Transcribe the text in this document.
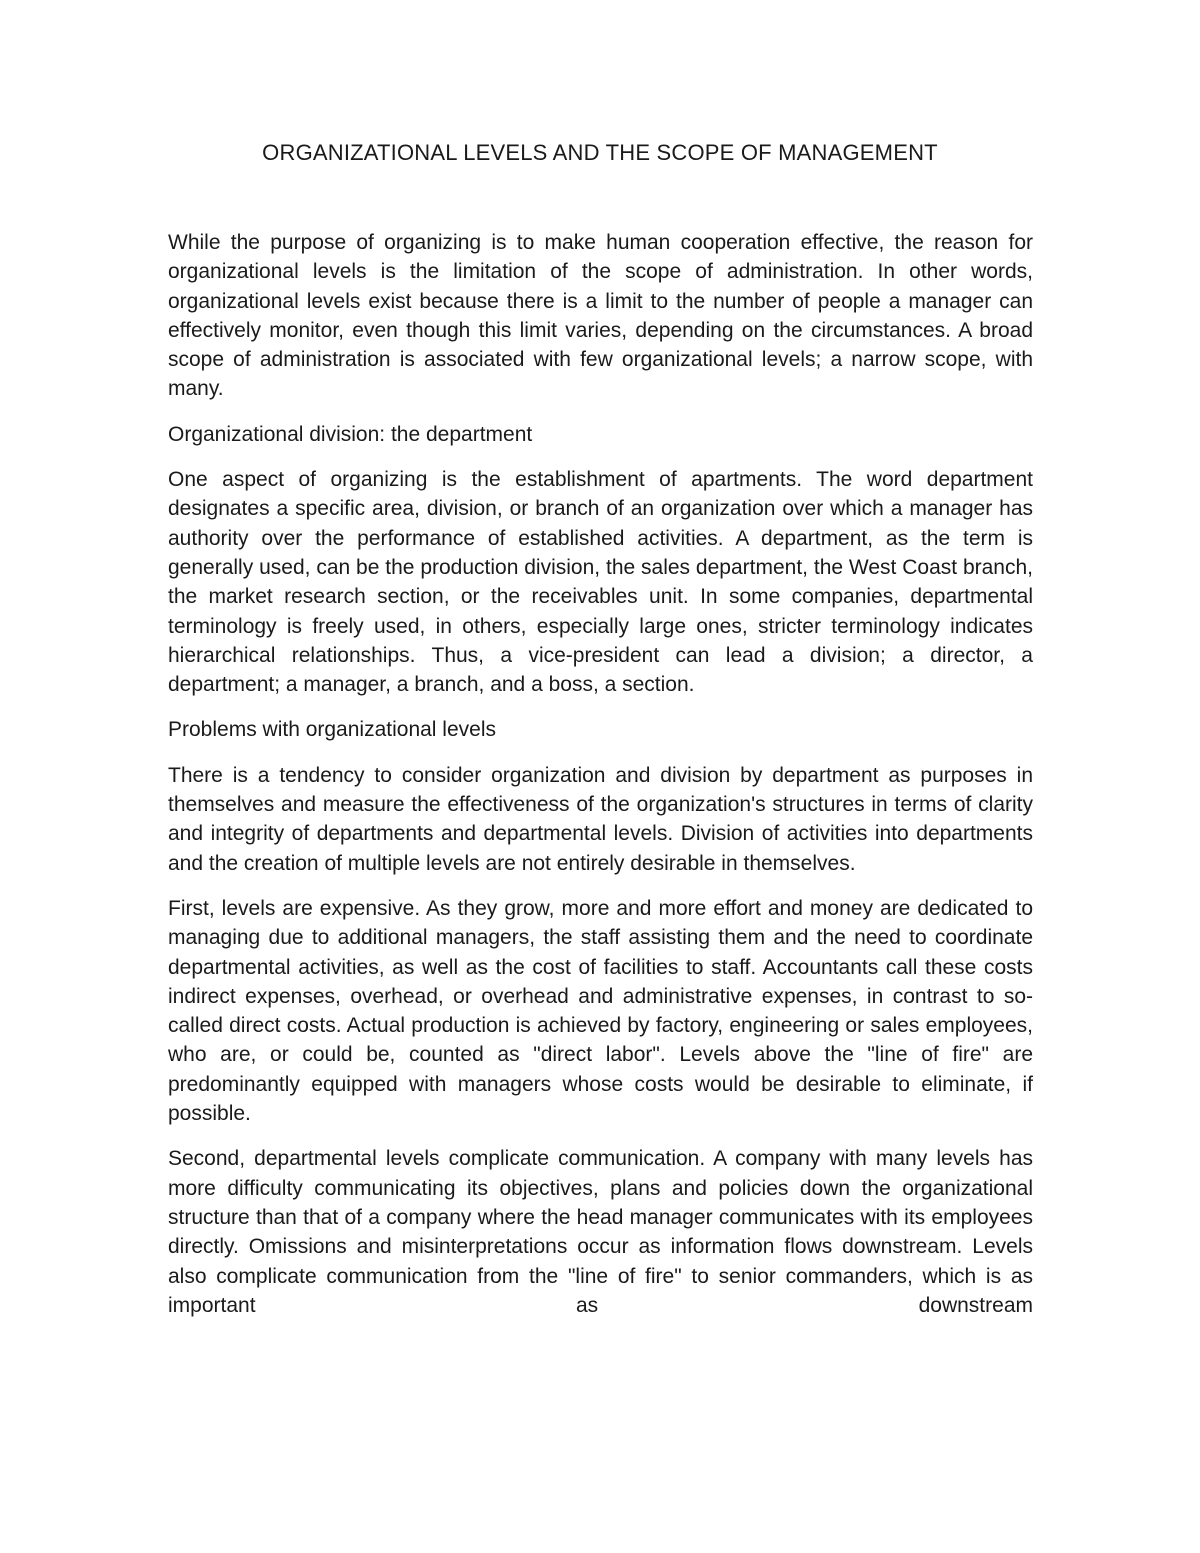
ORGANIZATIONAL LEVELS AND THE SCOPE OF MANAGEMENT

While the purpose of organizing is to make human cooperation effective, the reason for organizational levels is the limitation of the scope of administration. In other words, organizational levels exist because there is a limit to the number of people a manager can effectively monitor, even though this limit varies, depending on the circumstances. A broad scope of administration is associated with few organizational levels; a narrow scope, with many.

Organizational division: the department

One aspect of organizing is the establishment of apartments. The word department designates a specific area, division, or branch of an organization over which a manager has authority over the performance of established activities. A department, as the term is generally used, can be the production division, the sales department, the West Coast branch, the market research section, or the receivables unit. In some companies, departmental terminology is freely used, in others, especially large ones, stricter terminology indicates hierarchical relationships. Thus, a vice-president can lead a division; a director, a department; a manager, a branch, and a boss, a section.

Problems with organizational levels

There is a tendency to consider organization and division by department as purposes in themselves and measure the effectiveness of the organization's structures in terms of clarity and integrity of departments and departmental levels. Division of activities into departments and the creation of multiple levels are not entirely desirable in themselves.

First, levels are expensive. As they grow, more and more effort and money are dedicated to managing due to additional managers, the staff assisting them and the need to coordinate departmental activities, as well as the cost of facilities to staff. Accountants call these costs indirect expenses, overhead, or overhead and administrative expenses, in contrast to so-called direct costs. Actual production is achieved by factory, engineering or sales employees, who are, or could be, counted as "direct labor". Levels above the "line of fire" are predominantly equipped with managers whose costs would be desirable to eliminate, if possible.

Second, departmental levels complicate communication. A company with many levels has more difficulty communicating its objectives, plans and policies down the organizational structure than that of a company where the head manager communicates with its employees directly. Omissions and misinterpretations occur as information flows downstream. Levels also complicate communication from the "line of fire" to senior commanders, which is as important as downstream
